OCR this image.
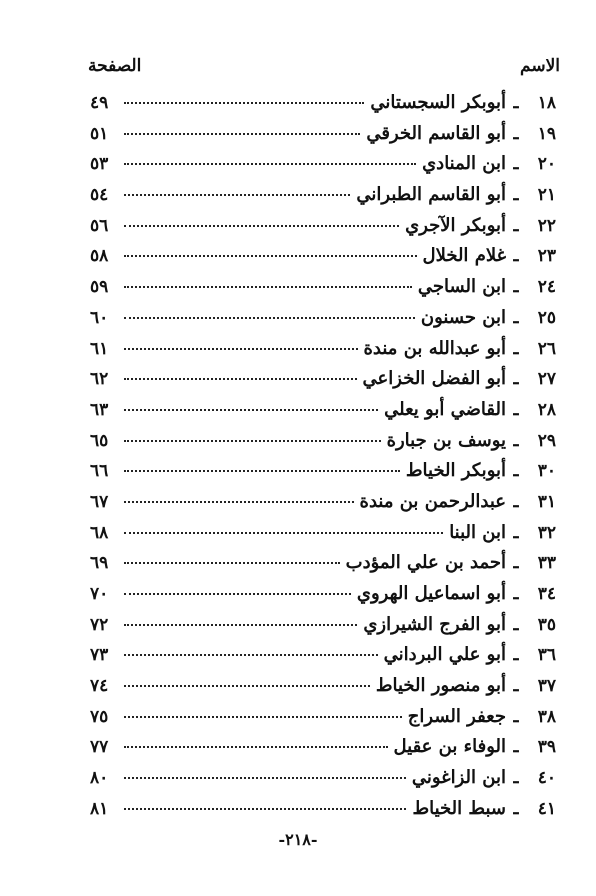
الاسم
الصفحة
١٨
ـ
أبوبكر السجستاني
٤٩
١٩
ـ
أبو القاسم الخرقي
٥١
٢٠
ـ
ابن المنادي
٥٣
٢١
ـ
أبو القاسم الطبراني
٥٤
٢٢
ـ
أبوبكر الآجري
٥٦
٢٣
ـ
غلام الخلال
٥٨
٢٤
ـ
ابن الساجي
٥٩
٢٥
ـ
ابن حسنون
٦٠
٢٦
ـ
أبو عبدالله بن مندة
٦١
٢٧
ـ
أبو الفضل الخزاعي
٦٢
٢٨
ـ
القاضي أبو يعلي
٦٣
٢٩
ـ
يوسف بن جبارة
٦٥
٣٠
ـ
أبوبكر الخياط
٦٦
٣١
ـ
عبدالرحمن بن مندة
٦٧
٣٢
ـ
ابن البنا
٦٨
٣٣
ـ
أحمد بن علي المؤدب
٦٩
٣٤
ـ
أبو اسماعيل الهروي
٧٠
٣٥
ـ
أبو الفرج الشيرازي
٧٢
٣٦
ـ
أبو علي البرداني
٧٣
٣٧
ـ
أبو منصور الخياط
٧٤
٣٨
ـ
جعفر السراج
٧٥
٣٩
ـ
الوفاء بن عقيل
٧٧
٤٠
ـ
ابن الزاغوني
٨٠
٤١
ـ
سبط الخياط
٨١
-٢١٨-
